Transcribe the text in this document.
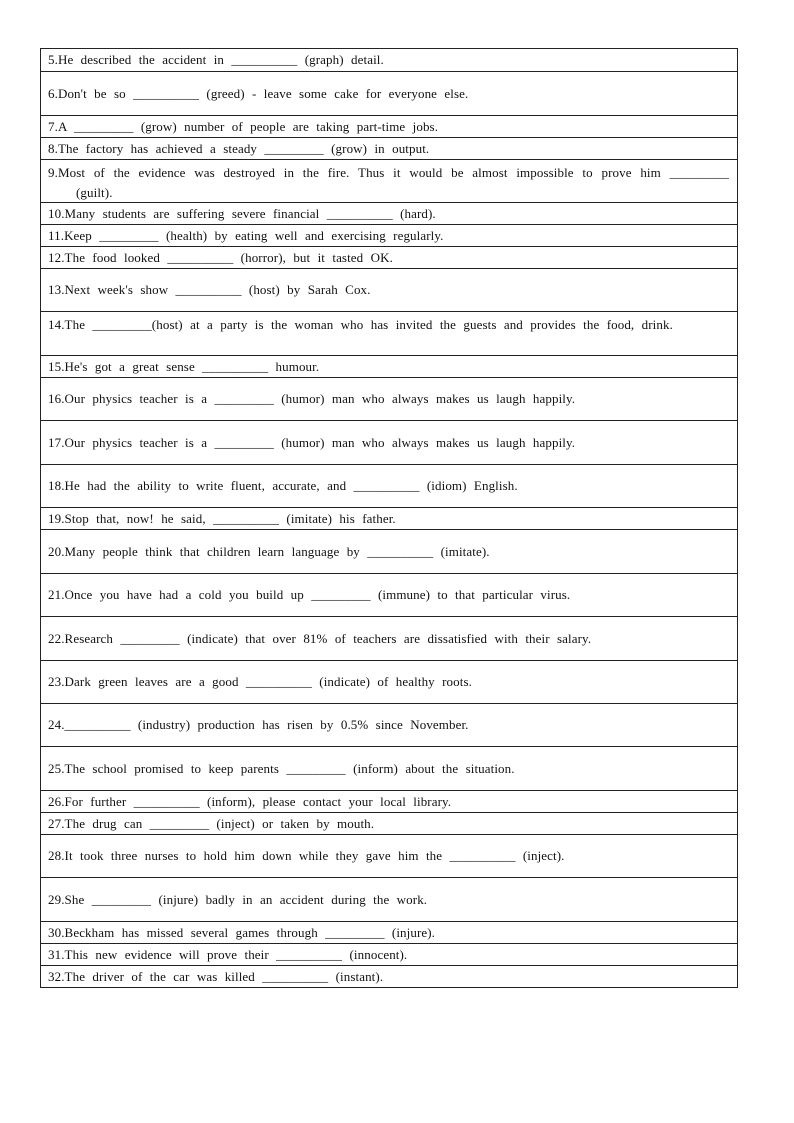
5.He described the accident in __________ (graph) detail.
6.Don't be so __________ (greed) - leave some cake for everyone else.
7.A _________ (grow) number of people are taking part-time jobs.
8.The factory has achieved a steady _________ (grow) in output.
9.Most of the evidence was destroyed in the fire. Thus it would be almost impossible to prove him _________ (guilt).
10.Many students are suffering severe financial __________ (hard).
11.Keep _________ (health) by eating well and exercising regularly.
12.The food looked __________ (horror), but it tasted OK.
13.Next week's show __________ (host) by Sarah Cox.
14.The _________(host) at a party is the woman who has invited the guests and provides the food, drink.
15.He's got a great sense __________ humour.
16.Our physics teacher is a _________ (humor) man who always makes us laugh happily.
17.Our physics teacher is a _________ (humor) man who always makes us laugh happily.
18.He had the ability to write fluent, accurate, and __________ (idiom) English.
19.Stop that, now! he said, __________ (imitate) his father.
20.Many people think that children learn language by __________ (imitate).
21.Once you have had a cold you build up _________ (immune) to that particular virus.
22.Research _________ (indicate) that over 81% of teachers are dissatisfied with their salary.
23.Dark green leaves are a good __________ (indicate) of healthy roots.
24.__________ (industry) production has risen by 0.5% since November.
25.The school promised to keep parents _________ (inform) about the situation.
26.For further __________ (inform), please contact your local library.
27.The drug can _________ (inject) or taken by mouth.
28.It took three nurses to hold him down while they gave him the __________ (inject).
29.She _________ (injure) badly in an accident during the work.
30.Beckham has missed several games through _________ (injure).
31.This new evidence will prove their __________ (innocent).
32.The driver of the car was killed __________ (instant).
